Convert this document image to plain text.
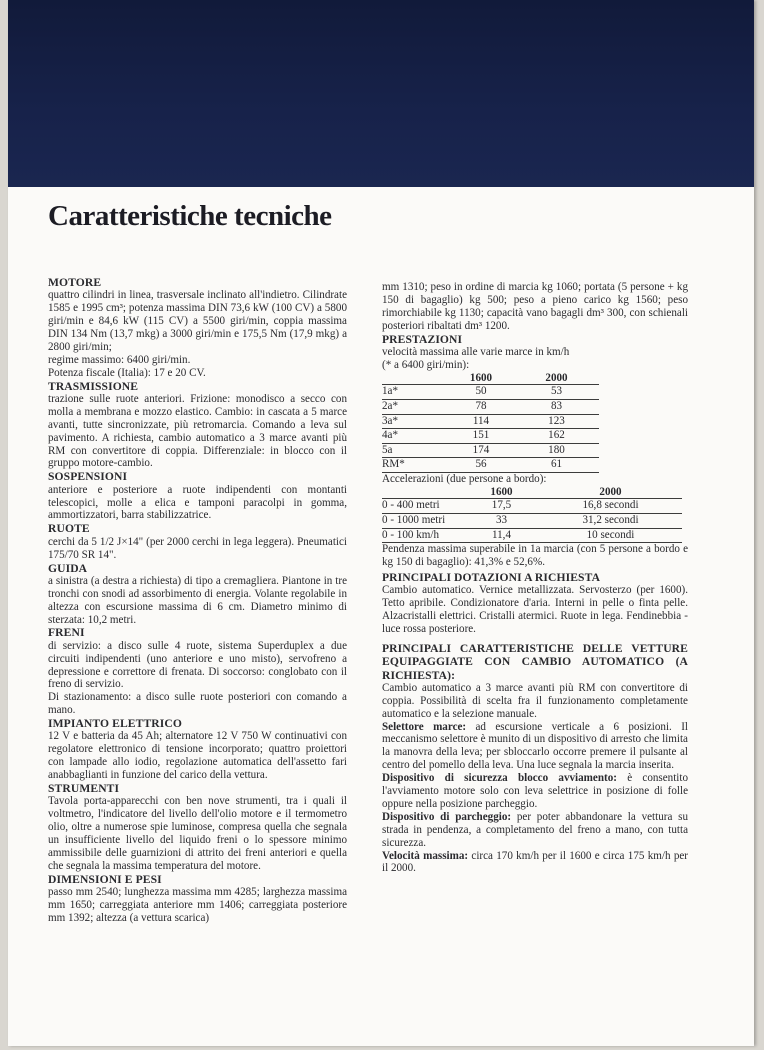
Caratteristiche tecniche
MOTORE

quattro cilindri in linea, trasversale inclinato all'indietro. Cilindrate 1585 e 1995 cm³; potenza massima DIN 73,6 kW (100 CV) a 5800 giri/min e 84,6 kW (115 CV) a 5500 giri/min, coppia massima DIN 134 Nm (13,7 mkg) a 3000 giri/min e 175,5 Nm (17,9 mkg) a 2800 giri/min;

regime massimo: 6400 giri/min.

Potenza fiscale (Italia): 17 e 20 CV.

TRASMISSIONE

trazione sulle ruote anteriori. Frizione: monodisco a secco con molla a membrana e mozzo elastico. Cambio: in cascata a 5 marce avanti, tutte sincronizzate, più retromarcia. Comando a leva sul pavimento. A richiesta, cambio automatico a 3 marce avanti più RM con convertitore di coppia. Differenziale: in blocco con il gruppo motore-cambio.

SOSPENSIONI

anteriore e posteriore a ruote indipendenti con montanti telescopici, molle a elica e tamponi paracolpi in gomma, ammortizzatori, barra stabilizzatrice.

RUOTE

cerchi da 5 1/2 J×14" (per 2000 cerchi in lega leggera). Pneumatici 175/70 SR 14".

GUIDA

a sinistra (a destra a richiesta) di tipo a cremagliera. Piantone in tre tronchi con snodi ad assorbimento di energia. Volante regolabile in altezza con escursione massima di 6 cm. Diametro minimo di sterzata: 10,2 metri.

FRENI

di servizio: a disco sulle 4 ruote, sistema Superduplex a due circuiti indipendenti (uno anteriore e uno misto), servofreno a depressione e correttore di frenata. Di soccorso: conglobato con il freno di servizio.

Di stazionamento: a disco sulle ruote posteriori con comando a mano.

IMPIANTO ELETTRICO

12 V e batteria da 45 Ah; alternatore 12 V 750 W continuativi con regolatore elettronico di tensione incorporato; quattro proiettori con lampade allo iodio, regolazione automatica dell'assetto fari anabbaglianti in funzione del carico della vettura.

STRUMENTI

Tavola porta-apparecchi con ben nove strumenti, tra i quali il voltmetro, l'indicatore del livello dell'olio motore e il termometro olio, oltre a numerose spie luminose, compresa quella che segnala un insufficiente livello del liquido freni o lo spessore minimo ammissibile delle guarnizioni di attrito dei freni anteriori e quella che segnala la massima temperatura del motore.

DIMENSIONI E PESI

passo mm 2540; lunghezza massima mm 4285; larghezza massima mm 1650; carreggiata anteriore mm 1406; carreggiata posteriore mm 1392; altezza (a vettura scarica)

mm 1310; peso in ordine di marcia kg 1060; portata (5 persone + kg 150 di bagaglio) kg 500; peso a pieno carico kg 1560; peso rimorchiabile kg 1130; capacità vano bagagli dm³ 300, con schienali posteriori ribaltati dm³ 1200.

PRESTAZIONI

velocità massima alle varie marce in km/h

(* a 6400 giri/min):

	1600	2000
1a*	50	53
2a*	78	83
3a*	114	123
4a*	151	162
5a	174	180
RM*	56	61

Accelerazioni (due persone a bordo):

	1600	2000
0 - 400 metri	17,5	16,8 secondi
0 - 1000 metri	33	31,2 secondi
0 - 100 km/h	11,4	10 secondi

Pendenza massima superabile in 1a marcia (con 5 persone a bordo e kg 150 di bagaglio): 41,3% e 52,6%.

PRINCIPALI DOTAZIONI A RICHIESTA

Cambio automatico. Vernice metallizzata. Servosterzo (per 1600). Tetto apribile. Condizionatore d'aria. Interni in pelle o finta pelle. Alzacristalli elettrici. Cristalli atermici. Ruote in lega. Fendinebbia - luce rossa posteriore.

PRINCIPALI CARATTERISTICHE DELLE VETTURE EQUIPAGGIATE CON CAMBIO AUTOMATICO (A RICHIESTA):

Cambio automatico a 3 marce avanti più RM con convertitore di coppia. Possibilità di scelta fra il funzionamento completamente automatico e la selezione manuale.

Selettore marce: ad escursione verticale a 6 posizioni. Il meccanismo selettore è munito di un dispositivo di arresto che limita la manovra della leva; per sbloccarlo occorre premere il pulsante al centro del pomello della leva. Una luce segnala la marcia inserita.

Dispositivo di sicurezza blocco avviamento: è consentito l'avviamento motore solo con leva selettrice in posizione di folle oppure nella posizione parcheggio.

Dispositivo di parcheggio: per poter abbandonare la vettura su strada in pendenza, a completamento del freno a mano, con tutta sicurezza.

Velocità massima: circa 170 km/h per il 1600 e circa 175 km/h per il 2000.
